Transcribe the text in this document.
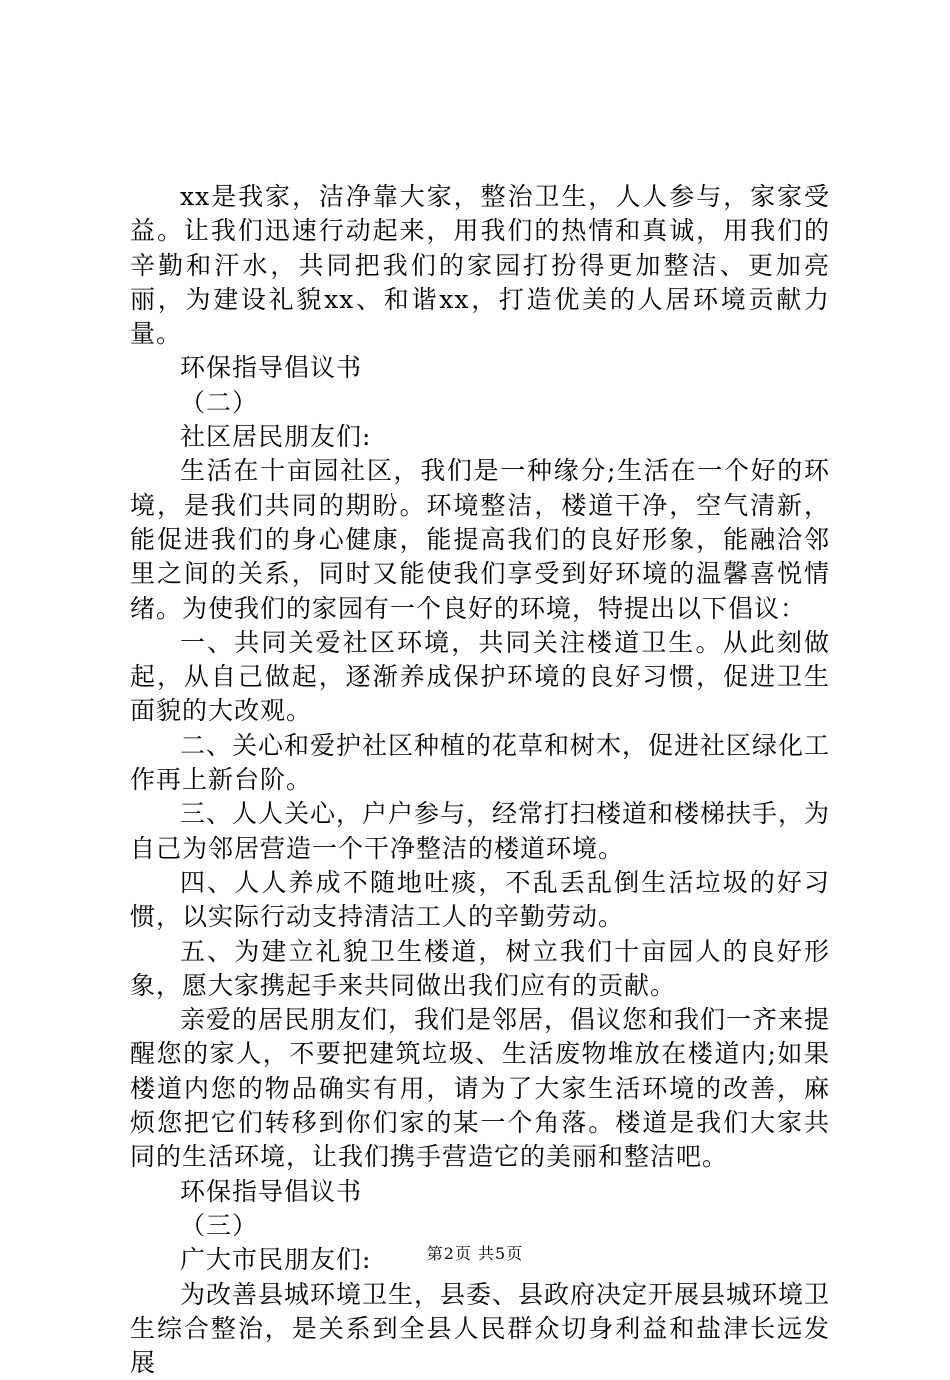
xx是我家，洁净靠大家，整治卫生，人人参与，家家受益。让我们迅速行动起来，用我们的热情和真诚，用我们的辛勤和汗水，共同把我们的家园打扮得更加整洁、更加亮丽，为建设礼貌xx、和谐xx，打造优美的人居环境贡献力量。

环保指导倡议书

（二）

社区居民朋友们:

生活在十亩园社区，我们是一种缘分;生活在一个好的环境，是我们共同的期盼。环境整洁，楼道干净，空气清新，能促进我们的身心健康，能提高我们的良好形象，能融洽邻里之间的关系，同时又能使我们享受到好环境的温馨喜悦情绪。为使我们的家园有一个良好的环境，特提出以下倡议：

一、共同关爱社区环境，共同关注楼道卫生。从此刻做起，从自己做起，逐渐养成保护环境的良好习惯，促进卫生面貌的大改观。

二、关心和爱护社区种植的花草和树木，促进社区绿化工作再上新台阶。

三、人人关心，户户参与，经常打扫楼道和楼梯扶手，为自己为邻居营造一个干净整洁的楼道环境。

四、人人养成不随地吐痰，不乱丢乱倒生活垃圾的好习惯，以实际行动支持清洁工人的辛勤劳动。

五、为建立礼貌卫生楼道，树立我们十亩园人的良好形象，愿大家携起手来共同做出我们应有的贡献。

亲爱的居民朋友们，我们是邻居，倡议您和我们一齐来提醒您的家人，不要把建筑垃圾、生活废物堆放在楼道内;如果楼道内您的物品确实有用，请为了大家生活环境的改善，麻烦您把它们转移到你们家的某一个角落。楼道是我们大家共同的生活环境，让我们携手营造它的美丽和整洁吧。

环保指导倡议书

（三）

广大市民朋友们:

为改善县城环境卫生，县委、县政府决定开展县城环境卫生综合整治，是关系到全县人民群众切身利益和盐津长远发展

第2页 共5页
